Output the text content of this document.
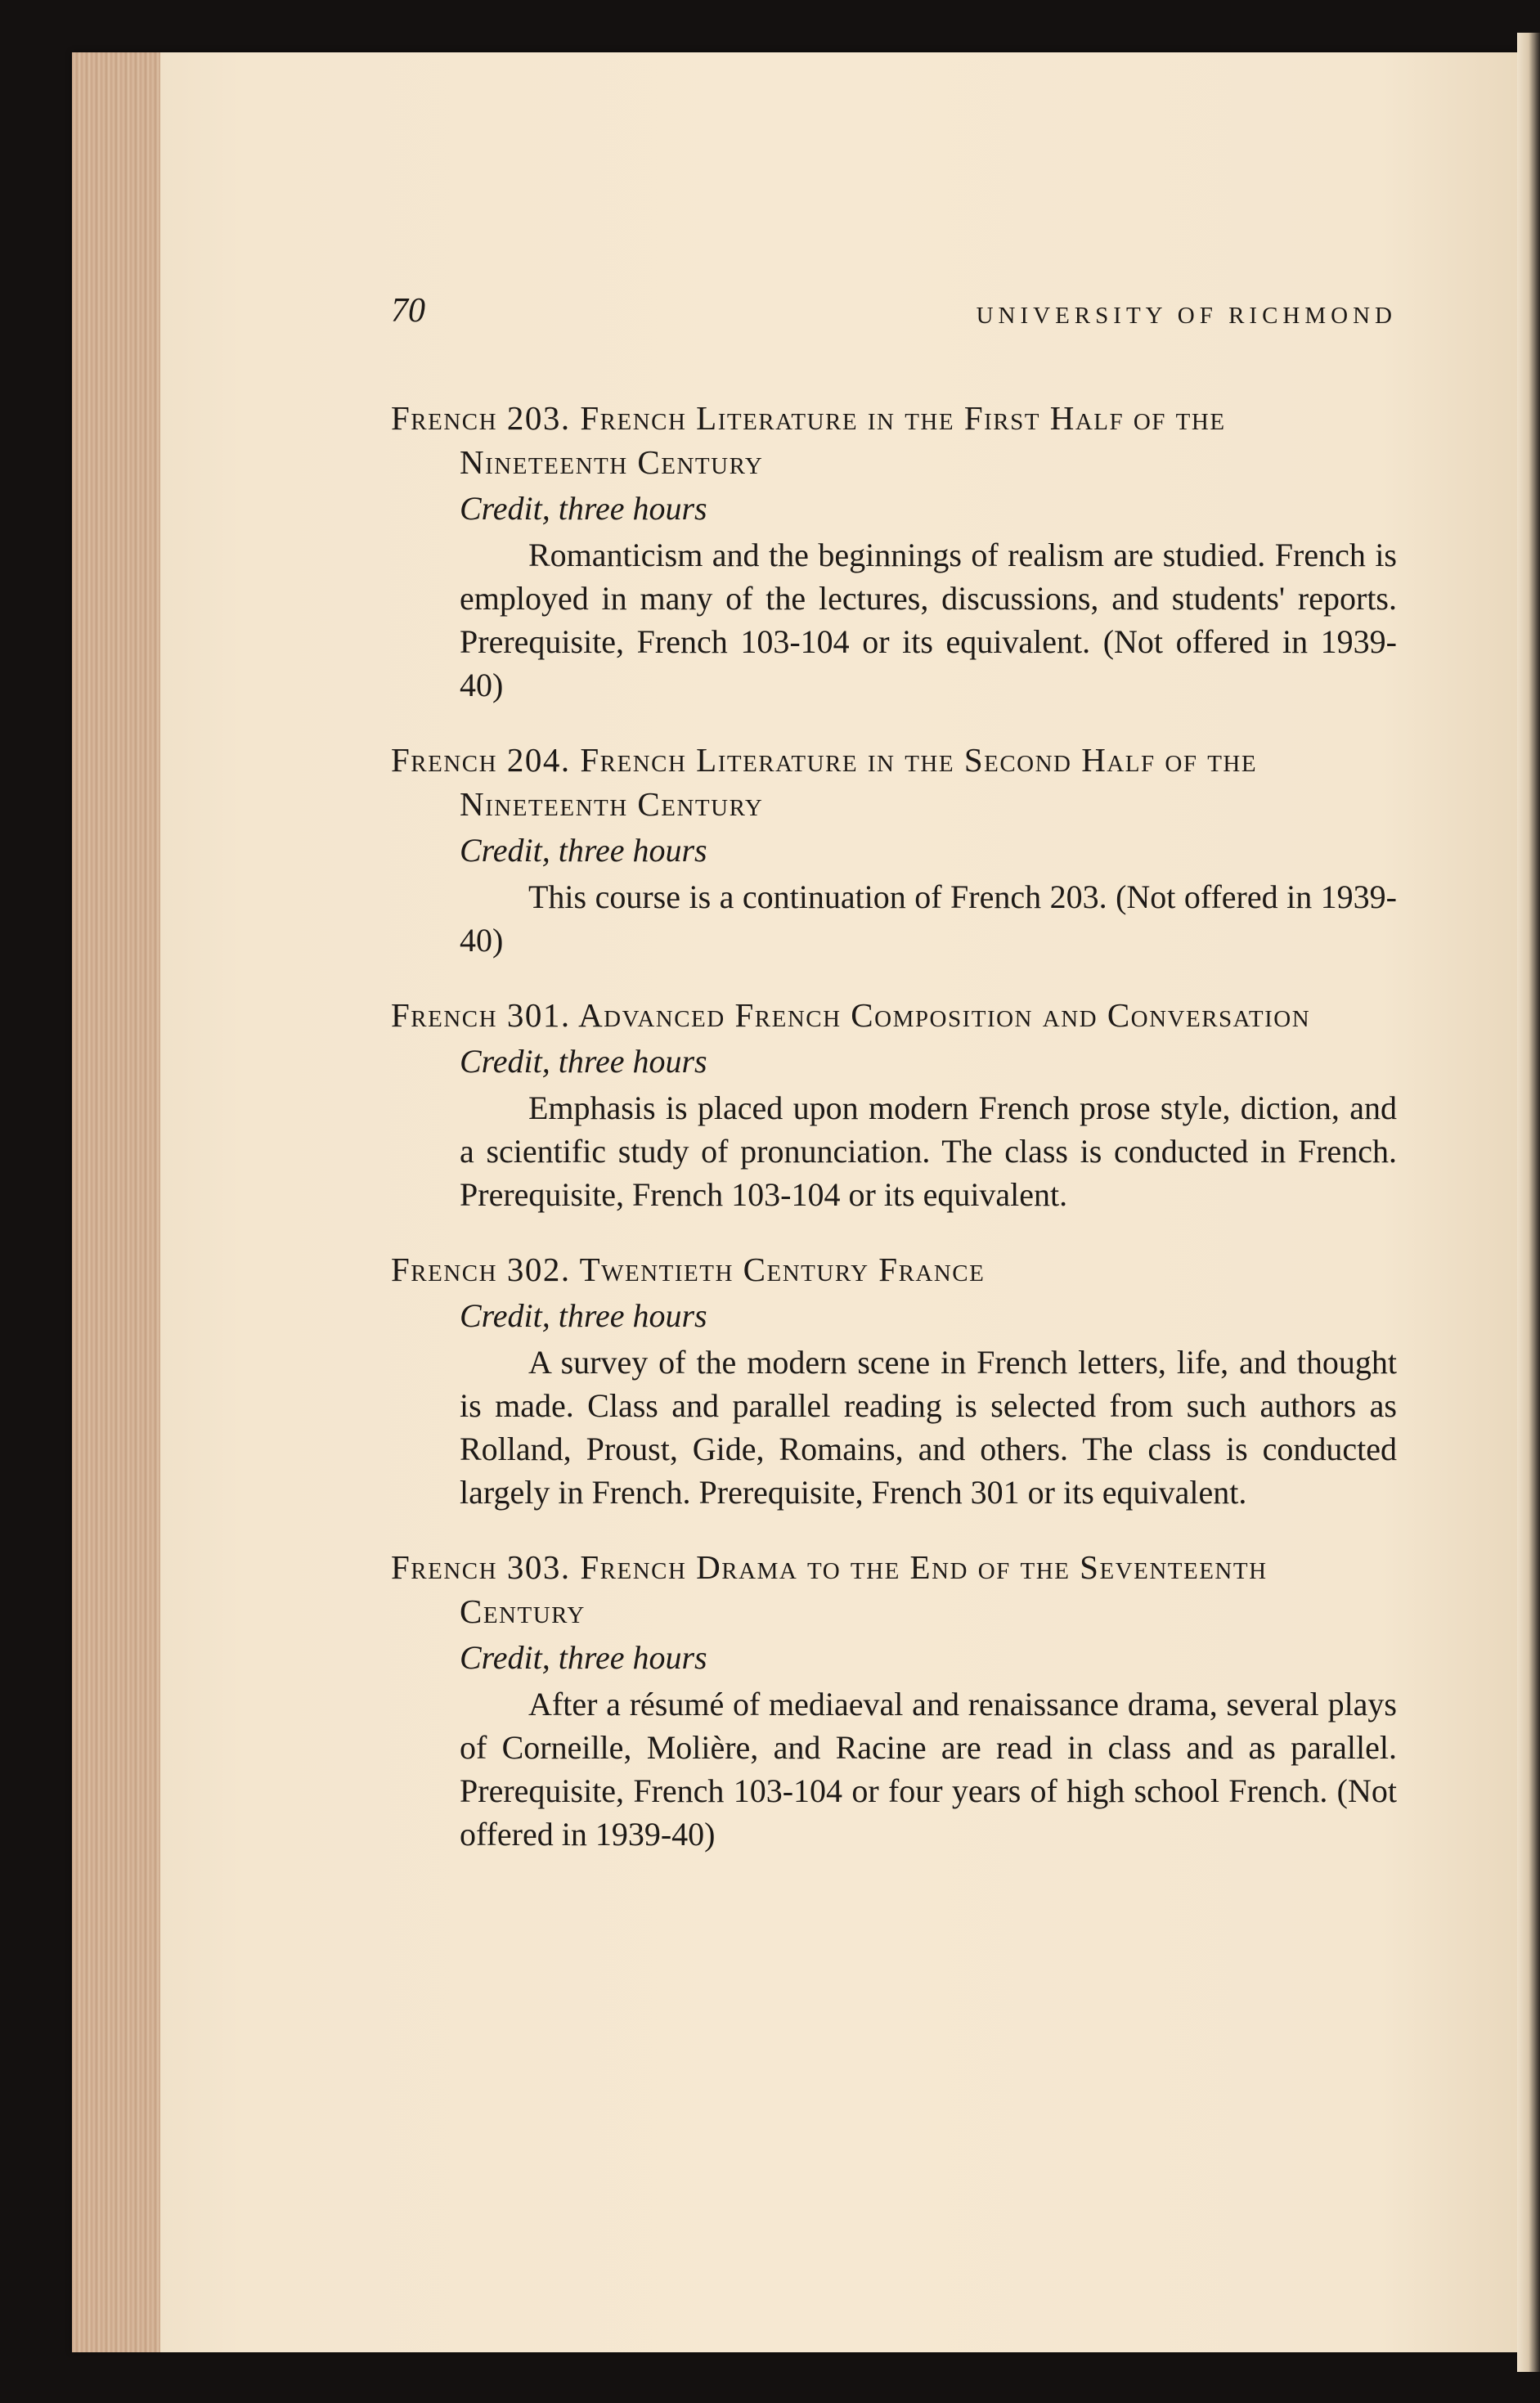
70	UNIVERSITY OF RICHMOND
French 203. French Literature in the First Half of the Nineteenth Century
Credit, three hours
Romanticism and the beginnings of realism are studied. French is employed in many of the lectures, discussions, and students' reports. Prerequisite, French 103-104 or its equivalent. (Not offered in 1939-40)
French 204. French Literature in the Second Half of the Nineteenth Century
Credit, three hours
This course is a continuation of French 203. (Not offered in 1939-40)
French 301. Advanced French Composition and Conversation
Credit, three hours
Emphasis is placed upon modern French prose style, diction, and a scientific study of pronunciation. The class is conducted in French. Prerequisite, French 103-104 or its equivalent.
French 302. Twentieth Century France
Credit, three hours
A survey of the modern scene in French letters, life, and thought is made. Class and parallel reading is selected from such authors as Rolland, Proust, Gide, Romains, and others. The class is conducted largely in French. Prerequisite, French 301 or its equivalent.
French 303. French Drama to the End of the Seventeenth Century
Credit, three hours
After a résumé of mediaeval and renaissance drama, several plays of Corneille, Molière, and Racine are read in class and as parallel. Prerequisite, French 103-104 or four years of high school French. (Not offered in 1939-40)
